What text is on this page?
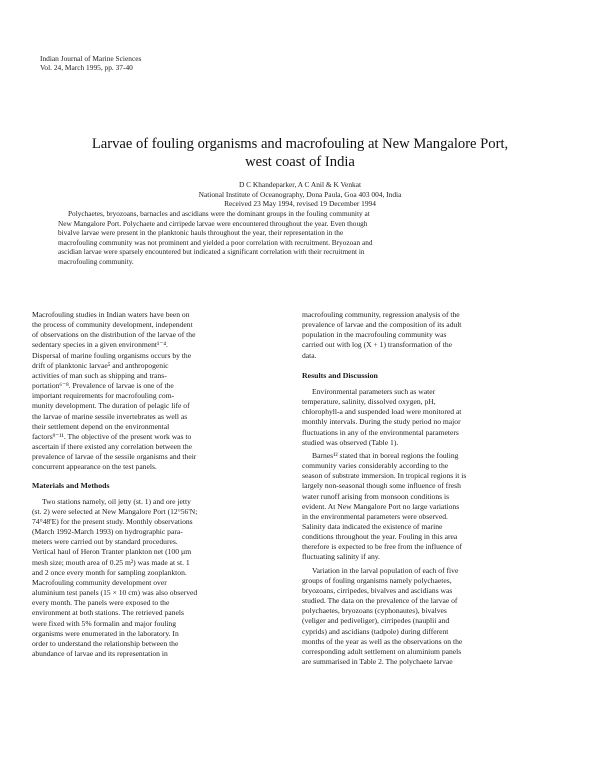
Indian Journal of Marine Sciences
Vol. 24, March 1995, pp. 37-40
Larvae of fouling organisms and macrofouling at New Mangalore Port,
west coast of India
D C Khandeparker, A C Anil & K Venkat
National Institute of Oceanography, Dona Paula, Goa 403 004, India
Received 23 May 1994, revised 19 December 1994
Polychaetes, bryozoans, barnacles and ascidians were the dominant groups in the fouling community at
New Mangalore Port. Polychaete and cirripede larvae were encountered throughout the year. Even though
bivalve larvae were present in the planktonic hauls throughout the year, their representation in the
macrofouling community was not prominent and yielded a poor correlation with recruitment. Bryozoan and
ascidian larvae were sparsely encountered but indicated a significant correlation with their recruitment in
macrofouling community.
Macrofouling studies in Indian waters have been on
the process of community development, independent
of observations on the distribution of the larvae of the
sedentary species in a given environment¹⁻⁴.
Dispersal of marine fouling organisms occurs by the
drift of planktonic larvae⁵ and anthropogenic
activities of man such as shipping and trans-
portation⁶⁻⁸. Prevalence of larvae is one of the
important requirements for macrofouling com-
munity development. The duration of pelagic life of
the larvae of marine sessile invertebrates as well as
their settlement depend on the environmental
factors⁹⁻¹¹. The objective of the present work was to
ascertain if there existed any correlation between the
prevalence of larvae of the sessile organisms and their
concurrent appearance on the test panels.
Materials and Methods
Two stations namely, oil jetty (st. 1) and ore jetty
(st. 2) were selected at New Mangalore Port (12°56'N;
74°48'E) for the present study. Monthly observations
(March 1992-March 1993) on hydrographic para-
meters were carried out by standard procedures.
Vertical haul of Heron Tranter plankton net (100 µm
mesh size; mouth area of 0.25 m²) was made at st. 1
and 2 once every month for sampling zooplankton.
Macrofouling community development over
aluminium test panels (15 × 10 cm) was also observed
every month. The panels were exposed to the
environment at both stations. The retrieved panels
were fixed with 5% formalin and major fouling
organisms were enumerated in the laboratory. In
order to understand the relationship between the
abundance of larvae and its representation in
macrofouling community, regression analysis of the
prevalence of larvae and the composition of its adult
population in the macrofouling community was
carried out with log (X + 1) transformation of the
data.
Results and Discussion
Environmental parameters such as water
temperature, salinity, dissolved oxygen, pH,
chlorophyll-a and suspended load were monitored at
monthly intervals. During the study period no major
fluctuations in any of the environmental parameters
studied was observed (Table 1).
Barnes¹² stated that in boreal regions the fouling
community varies considerably according to the
season of substrate immersion. In tropical regions it is
largely non-seasonal though some influence of fresh
water runoff arising from monsoon conditions is
evident. At New Mangalore Port no large variations
in the environmental parameters were observed.
Salinity data indicated the existence of marine
conditions throughout the year. Fouling in this area
therefore is expected to be free from the influence of
fluctuating salinity if any.
Variation in the larval population of each of five
groups of fouling organisms namely polychaetes,
bryozoans, cirripedes, bivalves and ascidians was
studied. The data on the prevalence of the larvae of
polychaetes, bryozoans (cyphonautes), bivalves
(veliger and pediveliger), cirripedes (nauplii and
cyprids) and ascidians (tadpole) during different
months of the year as well as the observations on the
corresponding adult settlement on aluminium panels
are summarised in Table 2. The polychaete larvae
